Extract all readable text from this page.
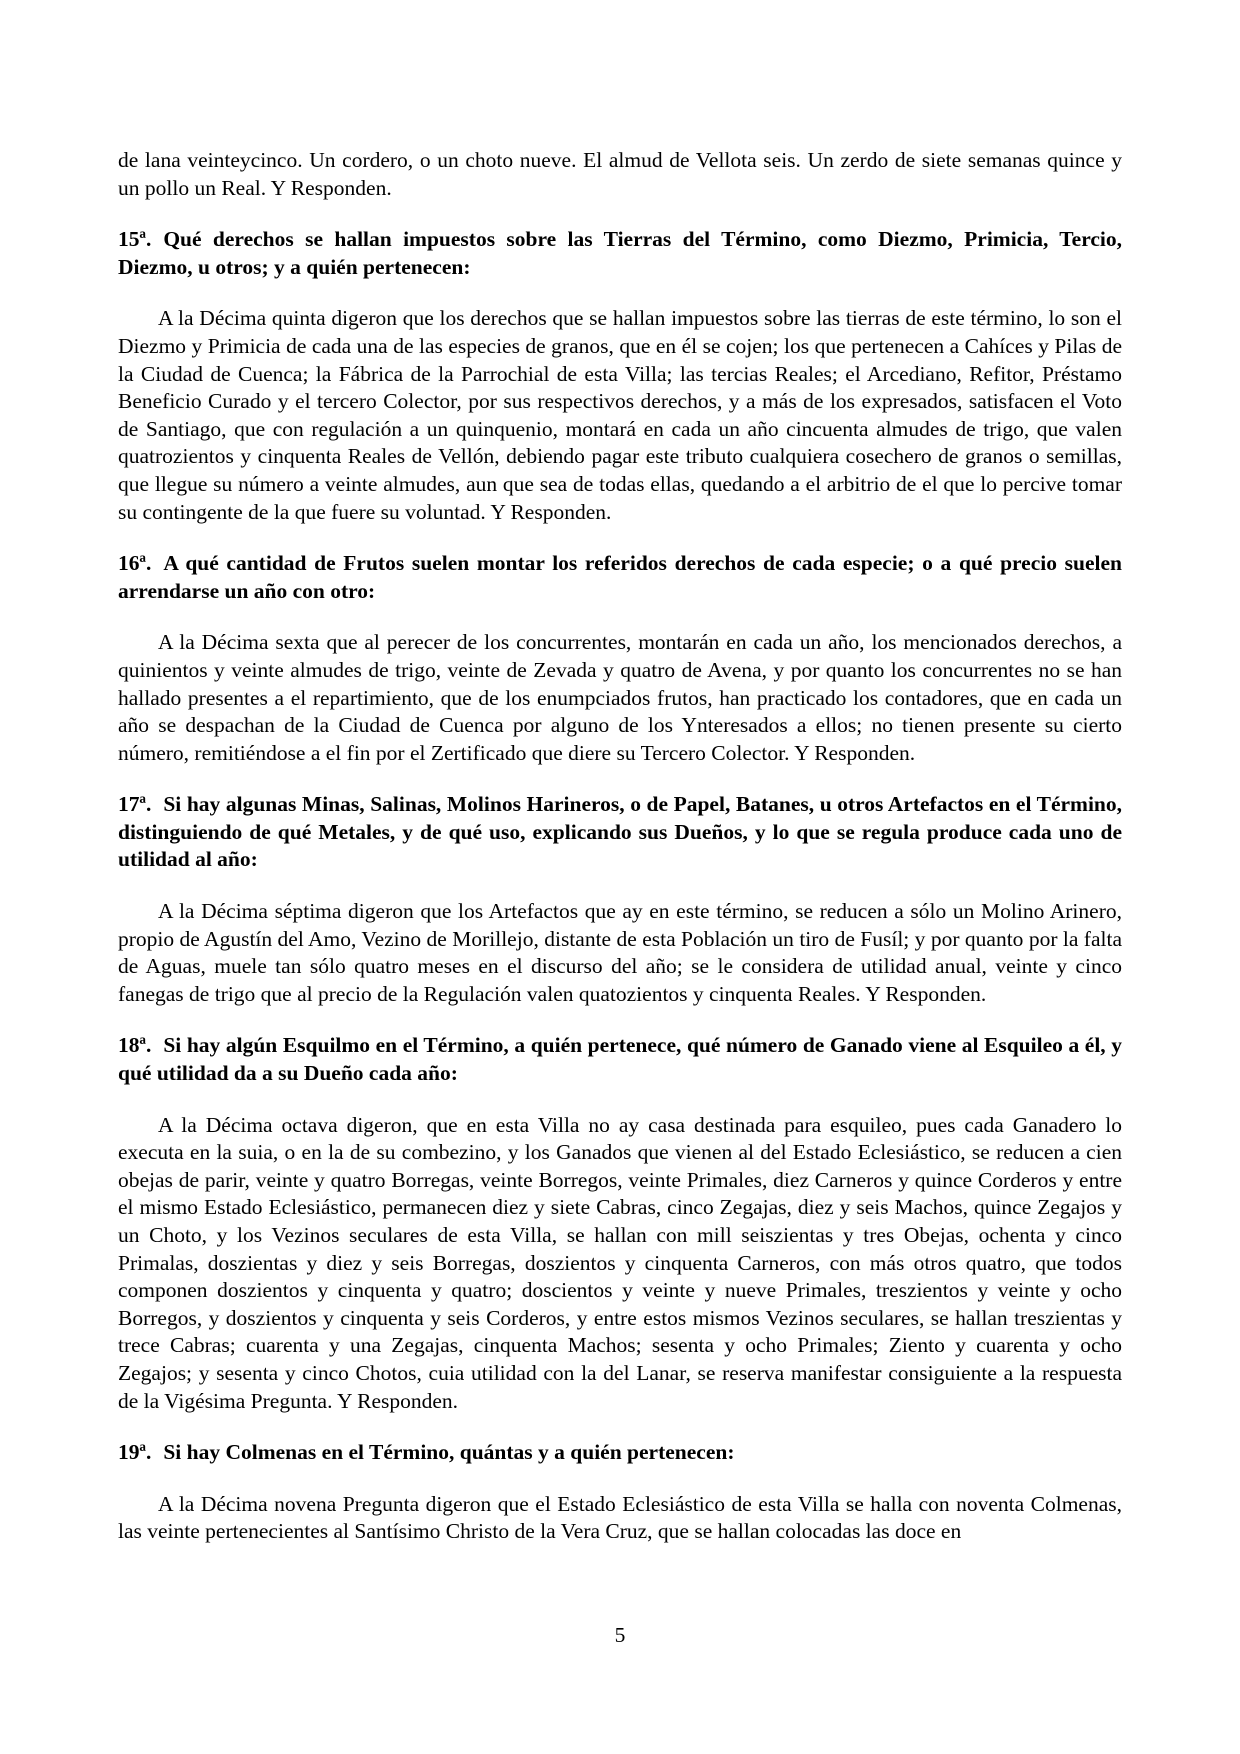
de lana veinteycinco. Un cordero, o un choto nueve. El almud de Vellota seis. Un zerdo de siete semanas quince y un pollo un Real. Y Responden.

15ª. Qué derechos se hallan impuestos sobre las Tierras del Término, como Diezmo, Primicia, Tercio, Diezmo, u otros; y a quién pertenecen:

A la Décima quinta digeron que los derechos que se hallan impuestos sobre las tierras de este término, lo son el Diezmo y Primicia de cada una de las especies de granos, que en él se cojen; los que pertenecen a Cahíces y Pilas de la Ciudad de Cuenca; la Fábrica de la Parrochial de esta Villa; las tercias Reales; el Arcediano, Refitor, Préstamo Beneficio Curado y el tercero Colector, por sus respectivos derechos, y a más de los expresados, satisfacen el Voto de Santiago, que con regulación a un quinquenio, montará en cada un año cincuenta almudes de trigo, que valen quatrozientos y cinquenta Reales de Vellón, debiendo pagar este tributo cualquiera cosechero de granos o semillas, que llegue su número a veinte almudes, aun que sea de todas ellas, quedando a el arbitrio de el que lo percive tomar su contingente de la que fuere su voluntad. Y Responden.

16ª. A qué cantidad de Frutos suelen montar los referidos derechos de cada especie; o a qué precio suelen arrendarse un año con otro:

A la Décima sexta que al perecer de los concurrentes, montarán en cada un año, los mencionados derechos, a quinientos y veinte almudes de trigo, veinte de Zevada y quatro de Avena, y por quanto los concurrentes no se han hallado presentes a el repartimiento, que de los enumpciados frutos, han practicado los contadores, que en cada un año se despachan de la Ciudad de Cuenca por alguno de los Ynteresados a ellos; no tienen presente su cierto número, remitiéndose a el fin por el Zertificado que diere su Tercero Colector. Y Responden.

17ª. Si hay algunas Minas, Salinas, Molinos Harineros, o de Papel, Batanes, u otros Artefactos en el Término, distinguiendo de qué Metales, y de qué uso, explicando sus Dueños, y lo que se regula produce cada uno de utilidad al año:

A la Décima séptima digeron que los Artefactos que ay en este término, se reducen a sólo un Molino Arinero, propio de Agustín del Amo, Vezino de Morillejo, distante de esta Población un tiro de Fusíl; y por quanto por la falta de Aguas, muele tan sólo quatro meses en el discurso del año; se le considera de utilidad anual, veinte y cinco fanegas de trigo que al precio de la Regulación valen quatozientos y cinquenta Reales. Y Responden.

18ª. Si hay algún Esquilmo en el Término, a quién pertenece, qué número de Ganado viene al Esquileo a él, y qué utilidad da a su Dueño cada año:

A la Décima octava digeron, que en esta Villa no ay casa destinada para esquileo, pues cada Ganadero lo executa en la suia, o en la de su combezino, y los Ganados que vienen al del Estado Eclesiástico, se reducen a cien obejas de parir, veinte y quatro Borregas, veinte Borregos, veinte Primales, diez Carneros y quince Corderos y entre el mismo Estado Eclesiástico, permanecen diez y siete Cabras, cinco Zegajas, diez y seis Machos, quince Zegajos y un Choto, y los Vezinos seculares de esta Villa, se hallan con mill seiszientas y tres Obejas, ochenta y cinco Primalas, doszientas y diez y seis Borregas, doszientos y cinquenta Carneros, con más otros quatro, que todos componen doszientos y cinquenta y quatro; doscientos y veinte y nueve Primales, treszientos y veinte y ocho Borregos, y doszientos y cinquenta y seis Corderos, y entre estos mismos Vezinos seculares, se hallan treszientas y trece Cabras; cuarenta y una Zegajas, cinquenta Machos; sesenta y ocho Primales; Ziento y cuarenta y ocho Zegajos; y sesenta y cinco Chotos, cuia utilidad con la del Lanar, se reserva manifestar consiguiente a la respuesta de la Vigésima Pregunta. Y Responden.

19ª. Si hay Colmenas en el Término, quántas y a quién pertenecen:

A la Décima novena Pregunta digeron que el Estado Eclesiástico de esta Villa se halla con noventa Colmenas, las veinte pertenecientes al Santísimo Christo de la Vera Cruz, que se hallan colocadas las doce en

5
